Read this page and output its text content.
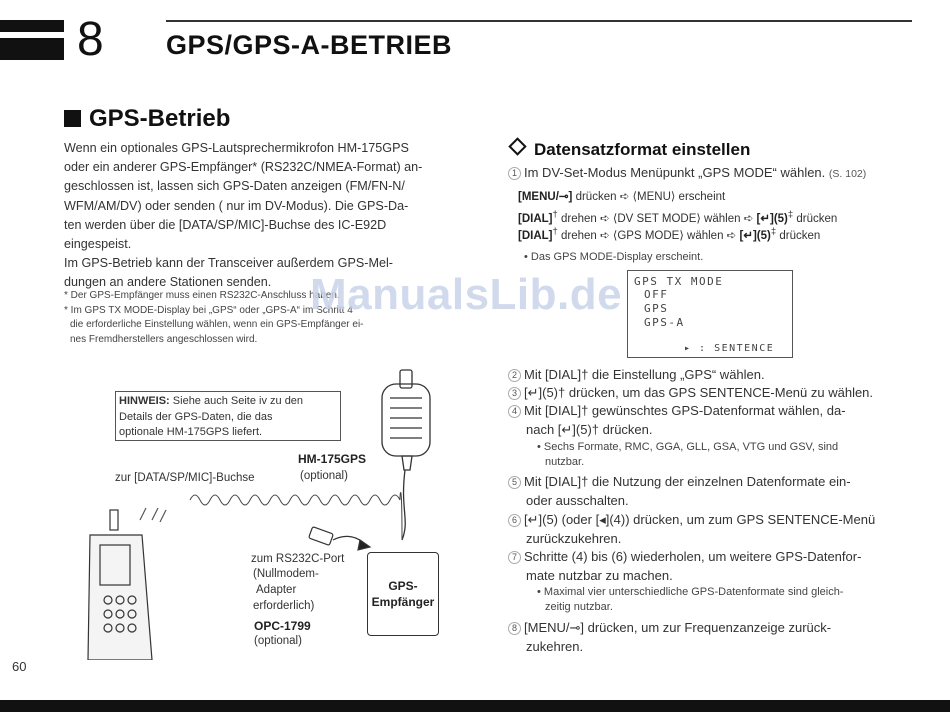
8 GPS/GPS-A-BETRIEB
GPS-Betrieb

Wenn ein optionales GPS-Lautsprechermikrofon HM-175GPS

oder ein anderer GPS-Empfänger* (RS232C/NMEA-Format) an-

geschlossen ist, lassen sich GPS-Daten anzeigen (FM/FN-N/

WFM/AM/DV) oder senden ( nur im DV-Modus). Die GPS-Da-

ten werden über die [DATA/SP/MIC]-Buchse des IC-E92D

eingespeist.

Im GPS-Betrieb kann der Transceiver außerdem GPS-Mel-

dungen an andere Stationen senden.

* Der GPS-Empfänger muss einen RS232C-Anschluss haben.

* Im GPS TX MODE-Display bei „GPS“ oder „GPS-A“ im Schritt 4

die erforderliche Einstellung wählen, wenn ein GPS-Empfänger ei-

nes Fremdherstellers angeschlossen wird.

ManualsLib.de
HINWEIS: Siehe auch Seite iv zu den
Details der GPS-Daten, die das
optionale HM-175GPS liefert.
HM-175GPS
(optional)
zur [DATA/SP/MIC]-Buchse
zum RS232C-Port
(Nullmodem-
Adapter
erforderlich)
OPC-1799
(optional)
GPS-
Empfänger
Datensatzformat einstellen
1 Im DV-Set-Modus Menüpunkt „GPS MODE“ wählen. (S. 102)
[MENU/⊸] drücken ➪ ⟨MENU⟩ erscheint
[DIAL]† drehen ➪ ⟨DV SET MODE⟩ wählen ➪ [↵](5)‡ drücken
[DIAL]† drehen ➪ ⟨GPS MODE⟩ wählen ➪ [↵](5)‡ drücken
• Das GPS MODE-Display erscheint.
GPS TX MODE
OFF
GPS
GPS-A
▸ : SENTENCE
2 Mit [DIAL]† die Einstellung „GPS“ wählen.
3 [↵](5)† drücken, um das GPS SENTENCE-Menü zu wählen.
4 Mit [DIAL]† gewünschtes GPS-Datenformat wählen, da-
nach [↵](5)† drücken.
• Sechs Formate, RMC, GGA, GLL, GSA, VTG und GSV, sind
nutzbar.
5 Mit [DIAL]† die Nutzung der einzelnen Datenformate ein-
oder ausschalten.
6 [↵](5) (oder [◂](4)) drücken, um zum GPS SENTENCE-Menü
zurückzukehren.
7 Schritte (4) bis (6) wiederholen, um weitere GPS-Datenfor-
mate nutzbar zu machen.
• Maximal vier unterschiedliche GPS-Datenformate sind gleich-
zeitig nutzbar.
8 [MENU/⊸] drücken, um zur Frequenzanzeige zurück-
zukehren.
60
